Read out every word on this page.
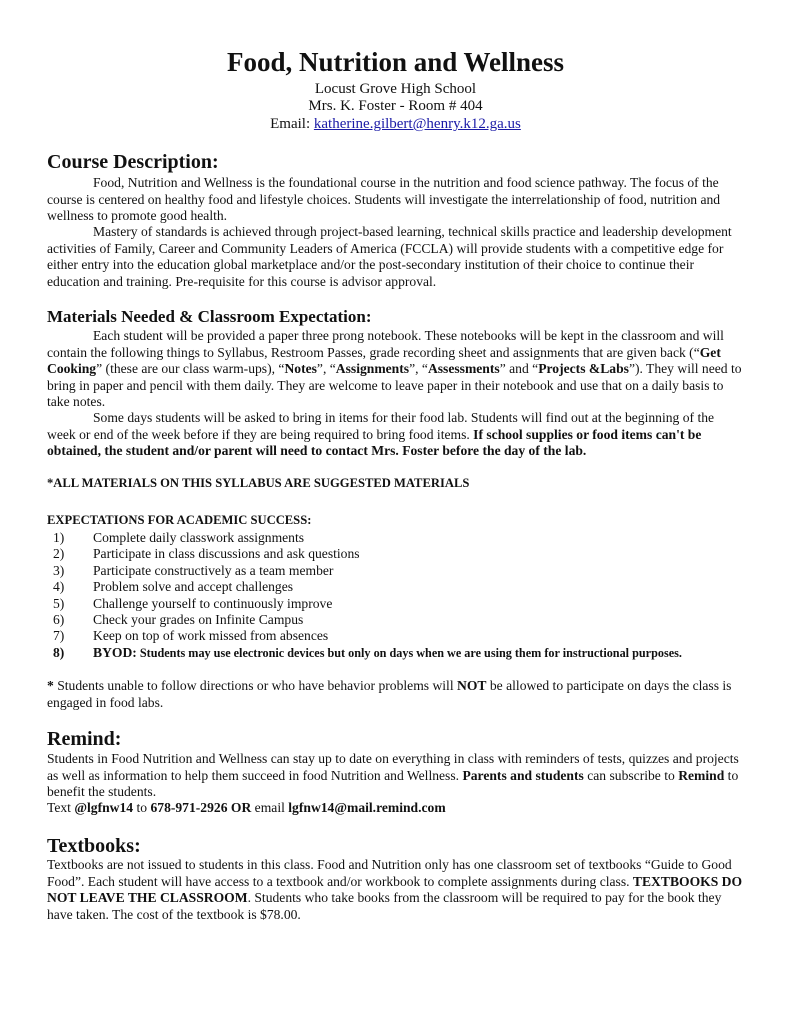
Food, Nutrition and Wellness
Locust Grove High School
Mrs. K. Foster - Room # 404
Email: katherine.gilbert@henry.k12.ga.us
Course Description:

Food, Nutrition and Wellness is the foundational course in the nutrition and food science pathway. The focus of the course is centered on healthy food and lifestyle choices. Students will investigate the interrelationship of food, nutrition and wellness to promote good health.

Mastery of standards is achieved through project-based learning, technical skills practice and leadership development activities of Family, Career and Community Leaders of America (FCCLA) will provide students with a competitive edge for either entry into the education global marketplace and/or the post-secondary institution of their choice to continue their education and training. Pre-requisite for this course is advisor approval.

Materials Needed & Classroom Expectation:

Each student will be provided a paper three prong notebook. These notebooks will be kept in the classroom and will contain the following things to Syllabus, Restroom Passes, grade recording sheet and assignments that are given back (“Get Cooking” (these are our class warm-ups), “Notes”, “Assignments”, “Assessments” and “Projects &Labs”). They will need to bring in paper and pencil with them daily. They are welcome to leave paper in their notebook and use that on a daily basis to take notes.

Some days students will be asked to bring in items for their food lab. Students will find out at the beginning of the week or end of the week before if they are being required to bring food items. If school supplies or food items can't be obtained, the student and/or parent will need to contact Mrs. Foster before the day of the lab.

*ALL MATERIALS ON THIS SYLLABUS ARE SUGGESTED MATERIALS
EXPECTATIONS FOR ACADEMIC SUCCESS:
1) Complete daily classwork assignments
2) Participate in class discussions and ask questions
3) Participate constructively as a team member
4) Problem solve and accept challenges
5) Challenge yourself to continuously improve
6) Check your grades on Infinite Campus
7) Keep on top of work missed from absences
8) BYOD: Students may use electronic devices but only on days when we are using them for instructional purposes.

* Students unable to follow directions or who have behavior problems will NOT be allowed to participate on days the class is engaged in food labs.

Remind:

Students in Food Nutrition and Wellness can stay up to date on everything in class with reminders of tests, quizzes and projects as well as information to help them succeed in food Nutrition and Wellness. Parents and students can subscribe to Remind to benefit the students.

Text @lgfnw14 to 678-971-2926 OR email lgfnw14@mail.remind.com

Textbooks:

Textbooks are not issued to students in this class. Food and Nutrition only has one classroom set of textbooks “Guide to Good Food”. Each student will have access to a textbook and/or workbook to complete assignments during class. TEXTBOOKS DO NOT LEAVE THE CLASSROOM. Students who take books from the classroom will be required to pay for the book they have taken. The cost of the textbook is $78.00.
